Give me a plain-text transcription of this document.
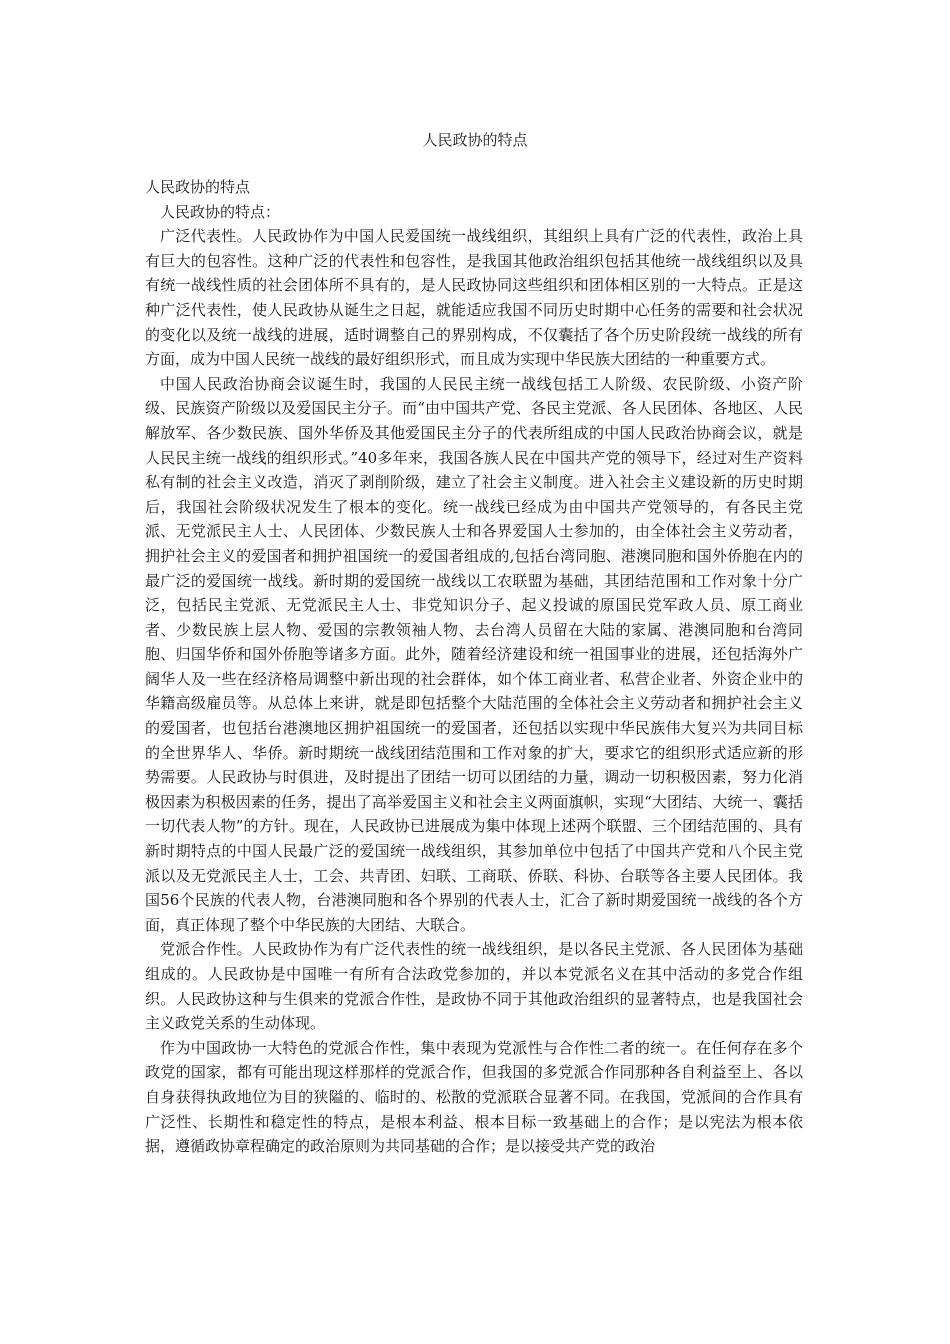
人民政协的特点

人民政协的特点

人民政协的特点：

广泛代表性。人民政协作为中国人民爱国统一战线组织，其组织上具有广泛的代表性，政治上具有巨大的包容性。这种广泛的代表性和包容性，是我国其他政治组织包括其他统一战线组织以及具有统一战线性质的社会团体所不具有的，是人民政协同这些组织和团体相区别的一大特点。正是这种广泛代表性，使人民政协从诞生之日起，就能适应我国不同历史时期中心任务的需要和社会状况的变化以及统一战线的进展，适时调整自己的界别构成，不仅囊括了各个历史阶段统一战线的所有方面，成为中国人民统一战线的最好组织形式，而且成为实现中华民族大团结的一种重要方式。

中国人民政治协商会议诞生时，我国的人民民主统一战线包括工人阶级、农民阶级、小资产阶级、民族资产阶级以及爱国民主分子。而“由中国共产党、各民主党派、各人民团体、各地区、人民解放军、各少数民族、国外华侨及其他爱国民主分子的代表所组成的中国人民政治协商会议，就是人民民主统一战线的组织形式。”40多年来，我国各族人民在中国共产党的领导下，经过对生产资料私有制的社会主义改造，消灭了剥削阶级，建立了社会主义制度。进入社会主义建设新的历史时期后，我国社会阶级状况发生了根本的变化。统一战线已经成为由中国共产党领导的，有各民主党派、无党派民主人士、人民团体、少数民族人士和各界爱国人士参加的，由全体社会主义劳动者，拥护社会主义的爱国者和拥护祖国统一的爱国者组成的,包括台湾同胞、港澳同胞和国外侨胞在内的最广泛的爱国统一战线。新时期的爱国统一战线以工农联盟为基础，其团结范围和工作对象十分广泛，包括民主党派、无党派民主人士、非党知识分子、起义投诚的原国民党军政人员、原工商业者、少数民族上层人物、爱国的宗教领袖人物、去台湾人员留在大陆的家属、港澳同胞和台湾同胞、归国华侨和国外侨胞等诸多方面。此外，随着经济建设和统一祖国事业的进展，还包括海外广阔华人及一些在经济格局调整中新出现的社会群体，如个体工商业者、私营企业者、外资企业中的华籍高级雇员等。从总体上来讲，就是即包括整个大陆范围的全体社会主义劳动者和拥护社会主义的爱国者，也包括台港澳地区拥护祖国统一的爱国者，还包括以实现中华民族伟大复兴为共同目标的全世界华人、华侨。新时期统一战线团结范围和工作对象的扩大，要求它的组织形式适应新的形势需要。人民政协与时俱进，及时提出了团结一切可以团结的力量，调动一切积极因素，努力化消极因素为积极因素的任务，提出了高举爱国主义和社会主义两面旗帜，实现“大团结、大统一、囊括一切代表人物”的方针。现在，人民政协已进展成为集中体现上述两个联盟、三个团结范围的、具有新时期特点的中国人民最广泛的爱国统一战线组织，其参加单位中包括了中国共产党和八个民主党派以及无党派民主人士，工会、共青团、妇联、工商联、侨联、科协、台联等各主要人民团体。我国56个民族的代表人物，台港澳同胞和各个界别的代表人士，汇合了新时期爱国统一战线的各个方面，真正体现了整个中华民族的大团结、大联合。

党派合作性。人民政协作为有广泛代表性的统一战线组织，是以各民主党派、各人民团体为基础组成的。人民政协是中国唯一有所有合法政党参加的，并以本党派名义在其中活动的多党合作组织。人民政协这种与生俱来的党派合作性，是政协不同于其他政治组织的显著特点，也是我国社会主义政党关系的生动体现。

作为中国政协一大特色的党派合作性，集中表现为党派性与合作性二者的统一。在任何存在多个政党的国家，都有可能出现这样那样的党派合作，但我国的多党派合作同那种各自利益至上、各以自身获得执政地位为目的狭隘的、临时的、松散的党派联合显著不同。在我国，党派间的合作具有广泛性、长期性和稳定性的特点，是根本利益、根本目标一致基础上的合作；是以宪法为根本依据，遵循政协章程确定的政治原则为共同基础的合作；是以接受共产党的政治
